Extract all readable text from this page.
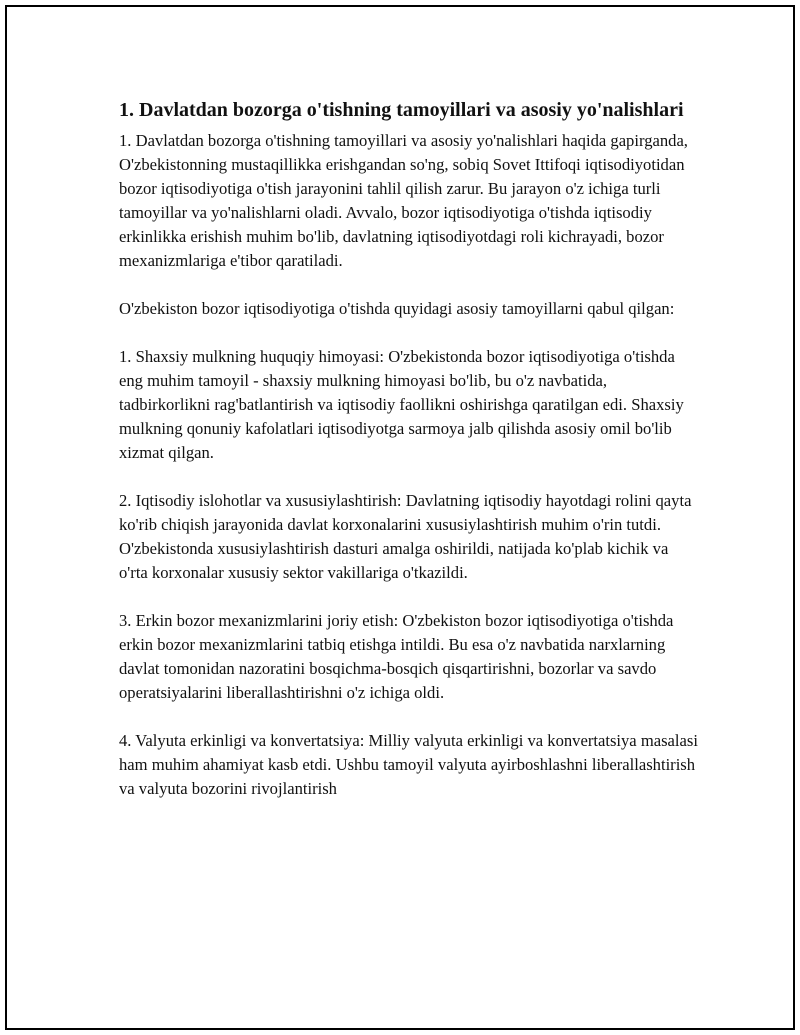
1. Davlatdan bozorga o'tishning tamoyillari va asosiy yo'nalishlari

1. Davlatdan bozorga o'tishning tamoyillari va asosiy yo'nalishlari haqida gapirganda, O'zbekistonning mustaqillikka erishgandan so'ng, sobiq Sovet Ittifoqi iqtisodiyotidan bozor iqtisodiyotiga o'tish jarayonini tahlil qilish zarur. Bu jarayon o'z ichiga turli tamoyillar va yo'nalishlarni oladi. Avvalo, bozor iqtisodiyotiga o'tishda iqtisodiy erkinlikka erishish muhim bo'lib, davlatning iqtisodiyotdagi roli kichrayadi, bozor mexanizmlariga e'tibor qaratiladi.

O'zbekiston bozor iqtisodiyotiga o'tishda quyidagi asosiy tamoyillarni qabul qilgan:

1. Shaxsiy mulkning huquqiy himoyasi: O'zbekistonda bozor iqtisodiyotiga o'tishda eng muhim tamoyil - shaxsiy mulkning himoyasi bo'lib, bu o'z navbatida, tadbirkorlikni rag'batlantirish va iqtisodiy faollikni oshirishga qaratilgan edi. Shaxsiy mulkning qonuniy kafolatlari iqtisodiyotga sarmoya jalb qilishda asosiy omil bo'lib xizmat qilgan.

2. Iqtisodiy islohotlar va xususiylashtirish: Davlatning iqtisodiy hayotdagi rolini qayta ko'rib chiqish jarayonida davlat korxonalarini xususiylashtirish muhim o'rin tutdi. O'zbekistonda xususiylashtirish dasturi amalga oshirildi, natijada ko'plab kichik va o'rta korxonalar xususiy sektor vakillariga o'tkazildi.

3. Erkin bozor mexanizmlarini joriy etish: O'zbekiston bozor iqtisodiyotiga o'tishda erkin bozor mexanizmlarini tatbiq etishga intildi. Bu esa o'z navbatida narxlarning davlat tomonidan nazoratini bosqichma-bosqich qisqartirishni, bozorlar va savdo operatsiyalarini liberallashtirishni o'z ichiga oldi.

4. Valyuta erkinligi va konvertatsiya: Milliy valyuta erkinligi va konvertatsiya masalasi ham muhim ahamiyat kasb etdi. Ushbu tamoyil valyuta ayirboshlashni liberallashtirish va valyuta bozorini rivojlantirish
